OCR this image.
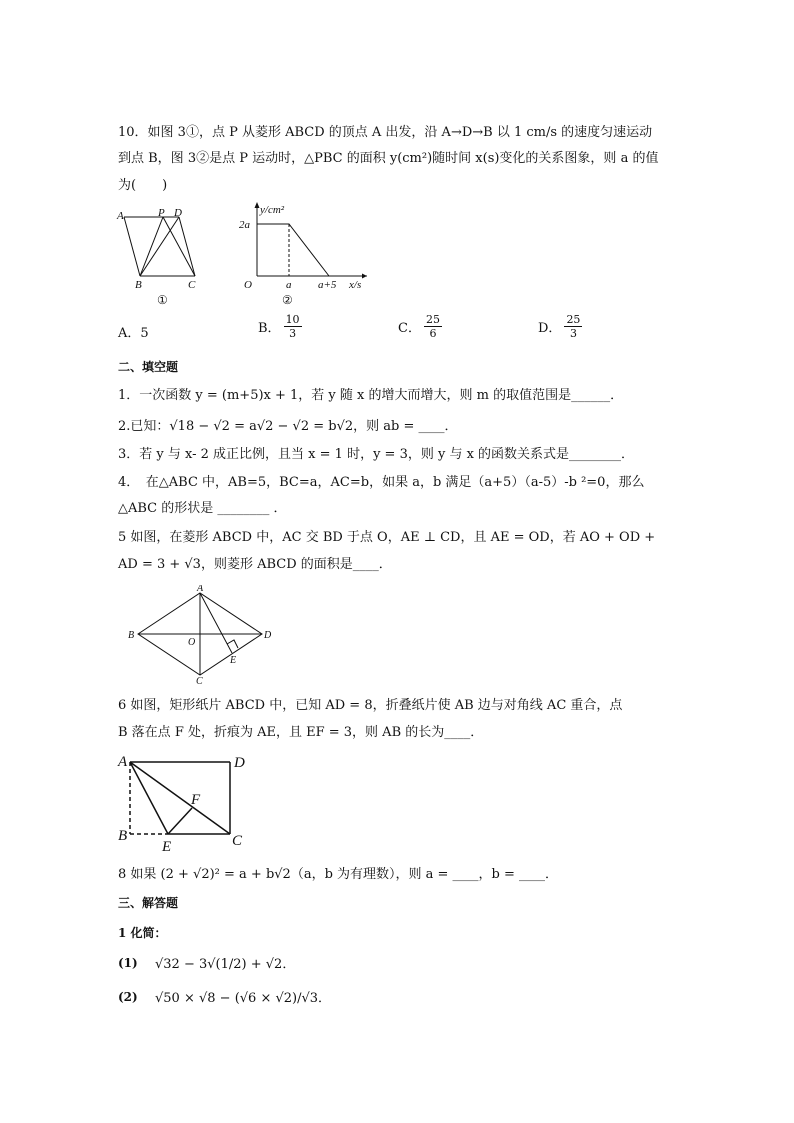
10．如图 3①，点 P 从菱形 ABCD 的顶点 A 出发，沿 A→D→B 以 1 cm/s 的速度匀速运动
到点 B，图 3②是点 P 运动时，△PBC 的面积 y(cm²)随时间 x(s)变化的关系图象，则 a 的值
为(　　)
A	P D
B	C
①
y/cm²
2a
O	a a+5 x/s
②
A．5	B． $\frac{10}{3}$	C． $\frac{25}{6}$	D． $\frac{25}{3}$
二、填空题
1．一次函数 y = (m+5)x + 1，若 y 随 x 的增大而增大，则 m 的取值范围是______．
2.已知：√18 − √2 = a√2 − √2 = b√2，则 ab = ____．
3．若 y 与 x- 2 成正比例，且当 x = 1 时，y = 3，则 y 与 x 的函数关系式是________．
4．　在△ABC 中，AB=5，BC=a，AC=b，如果 a，b 满足（a+5）（a-5）-b ²=0，那么
△ABC 的形状是 ________ ．
5 如图，在菱形 ABCD 中，AC 交 BD 于点 O，AE ⊥ CD，且 AE = OD，若 AO + OD +
AD = 3 + √3，则菱形 ABCD 的面积是____．
A
B	D
C
O
E
6 如图，矩形纸片 ABCD 中，已知 AD = 8，折叠纸片使 AB 边与对角线 AC 重合，点
B 落在点 F 处，折痕为 AE，且 EF = 3，则 AB 的长为____．
A	D
B	C
E
F
8 如果 (2 + √2)² = a + b√2（a，b 为有理数），则 a = ____，b = ____．
三、解答题
1 化简：
(1) √32 − 3√(1/2) + √2．
(2) √50 × √8 − (√6 × √2)/√3．
